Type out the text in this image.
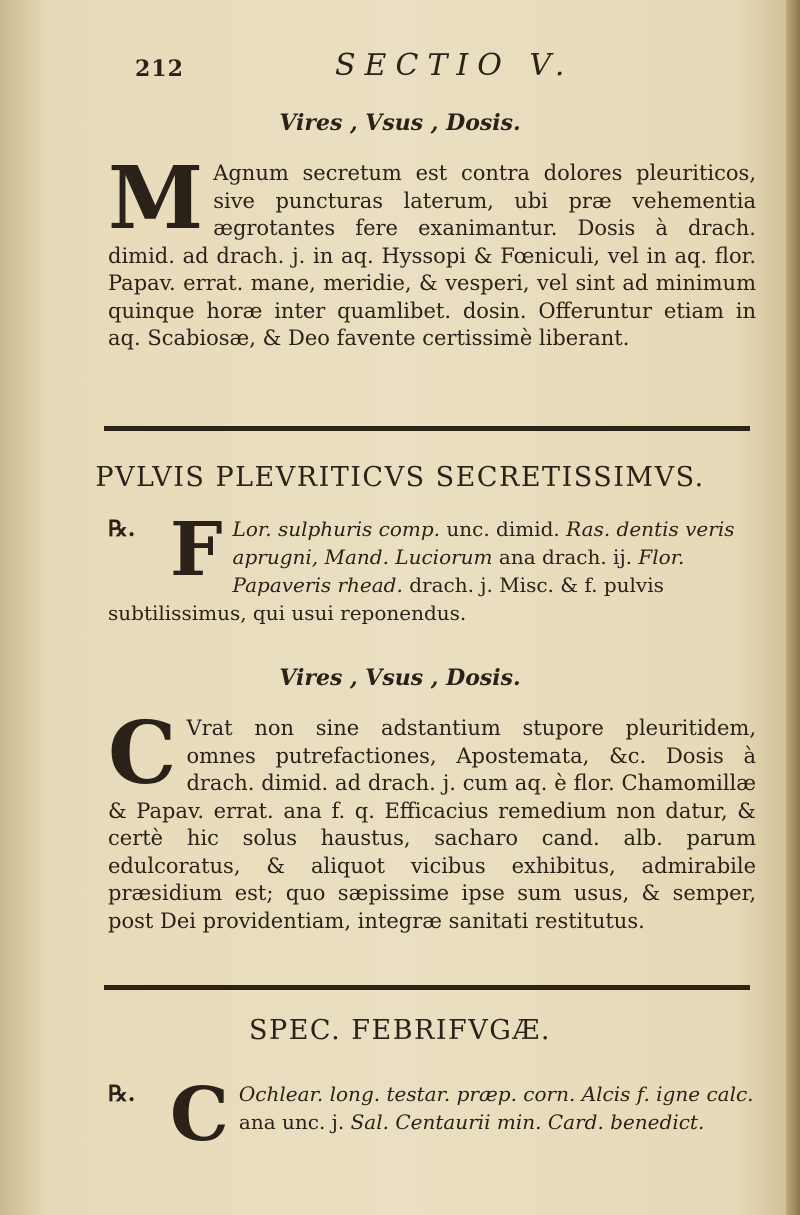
212	SECTIO V.
Vires , Vsus , Dosis.
M Agnum secretum est contra dolores pleuriticos, sive puncturas laterum, ubi præ vehementia ægrotantes fere exanimantur. Dosis à drach. dimid. ad drach. j. in aq. Hyssopi & Fœniculi, vel in aq. flor. Papav. errat. mane, meridie, & vesperi, vel sint ad minimum quinque horæ inter quamlibet. dosin. Offeruntur etiam in aq. Scabiosæ, & Deo favente certissimè liberant.

PVLVIS PLEVRITICVS SECRETISSIMVS.
℞. F Lor. sulphuris comp. unc. dimid. Ras. dentis veris aprugni, Mand. Luciorum ana drach. ij. Flor. Papaveris rhead. drach. j. Misc. & f. pulvis subtilissimus, qui usui reponendus.

Vires , Vsus , Dosis.
C Vrat non sine adstantium stupore pleuritidem, omnes putrefactiones, Apostemata, &c. Dosis à drach. dimid. ad drach. j. cum aq. è flor. Chamomillæ & Papav. errat. ana f. q. Efficacius remedium non datur, & certè hic solus haustus, sacharo cand. alb. parum edulcoratus, & aliquot vicibus exhibitus, admirabile præsidium est; quo sæpissime ipse sum usus, & semper, post Dei providentiam, integræ sanitati restitutus.

SPEC. FEBRIFVGÆ.
℞. C Ochlear. long. testar. præp. corn. Alcis f. igne calc. ana unc. j. Sal. Centaurii min. Card. benedict.
